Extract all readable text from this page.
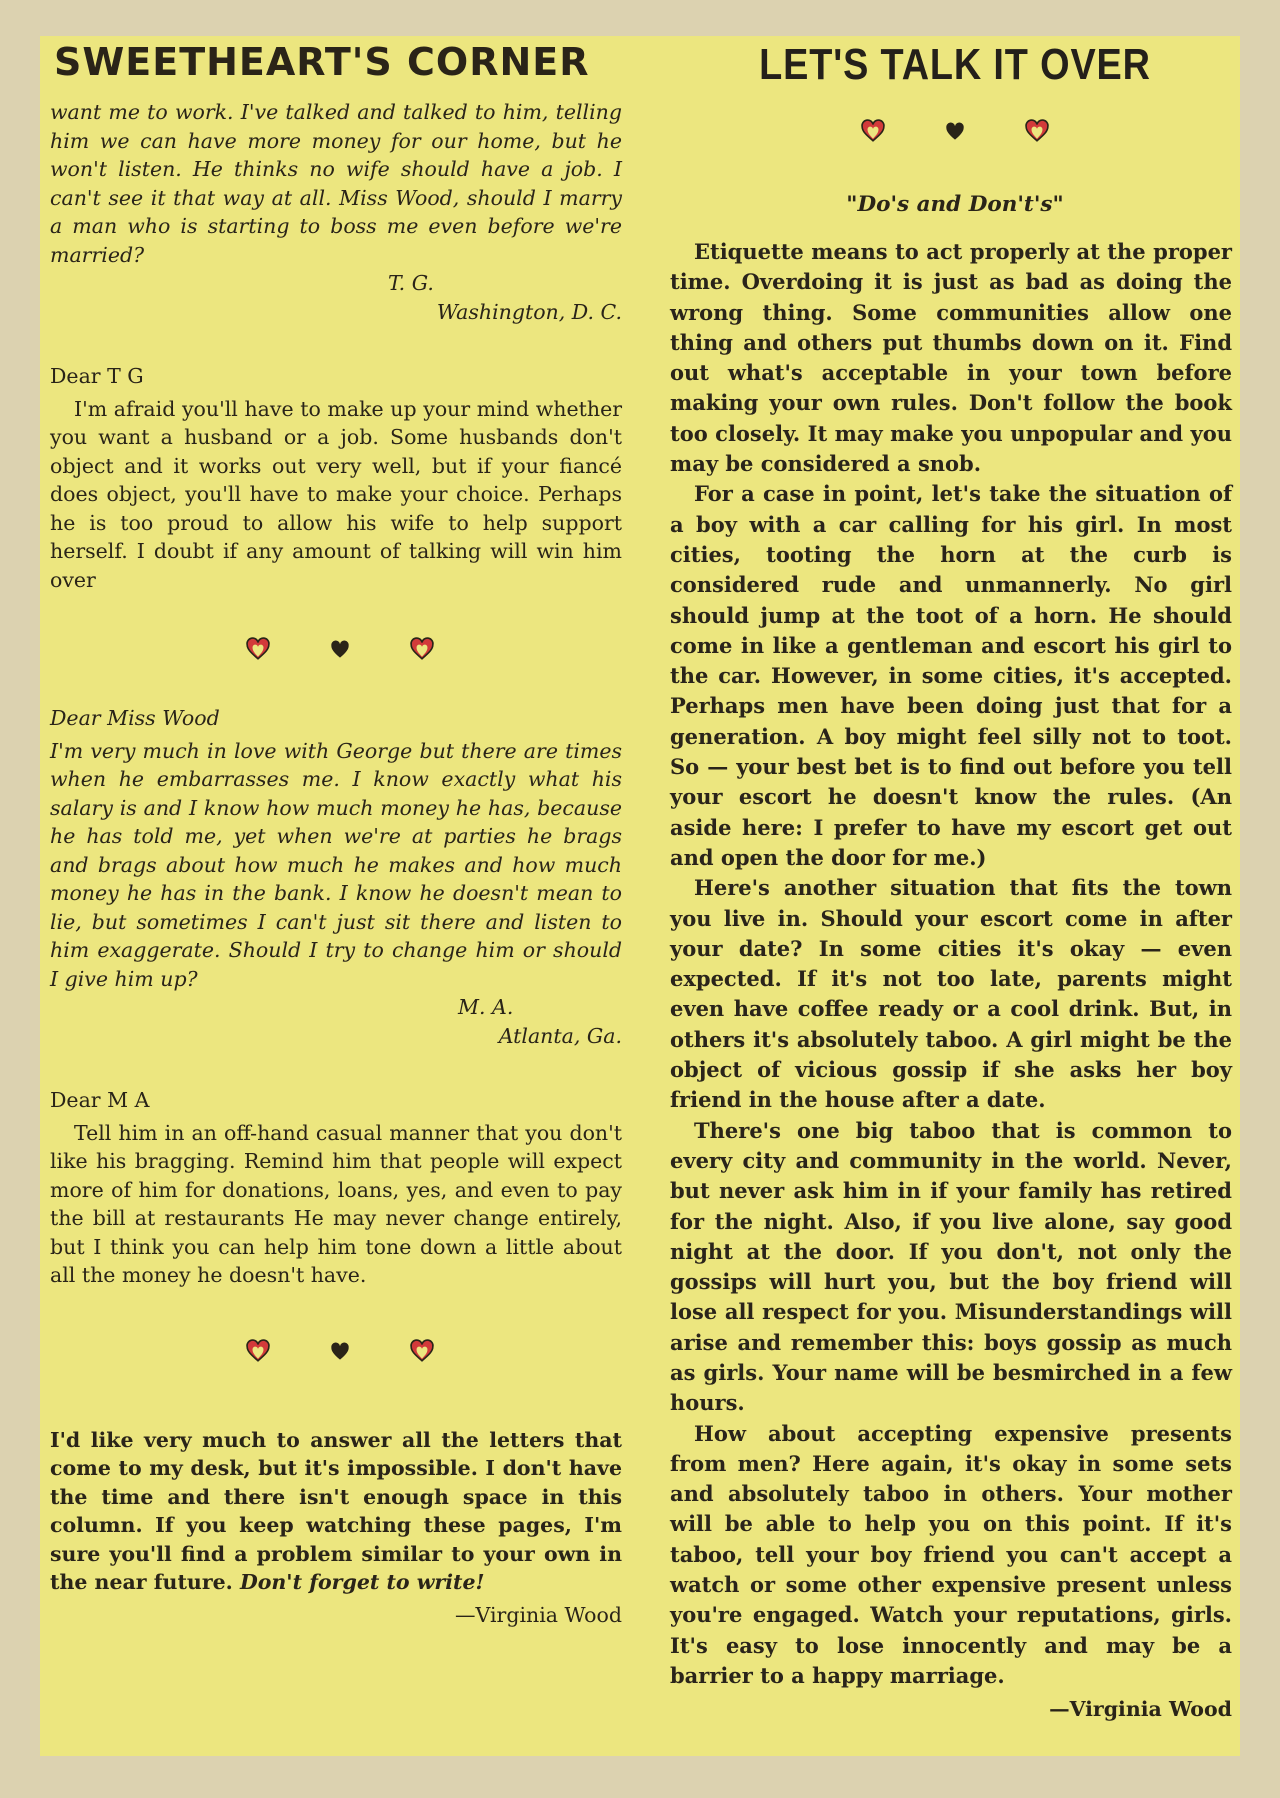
SWEETHEART'S CORNER

want me to work. I've talked and talked to him, telling him we can have more money for our home, but he won't listen. He thinks no wife should have a job. I can't see it that way at all. Miss Wood, should I marry a man who is starting to boss me even before we're married?

T. G.

Washington, D. C.

Dear T G

I'm afraid you'll have to make up your mind whether you want a husband or a job. Some husbands don't object and it works out very well, but if your fiancé does object, you'll have to make your choice. Perhaps he is too proud to allow his wife to help support herself. I doubt if any amount of talking will win him over

Dear Miss Wood

I'm very much in love with George but there are times when he embarrasses me. I know exactly what his salary is and I know how much money he has, because he has told me, yet when we're at parties he brags and brags about how much he makes and how much money he has in the bank. I know he doesn't mean to lie, but sometimes I can't just sit there and listen to him exaggerate. Should I try to change him or should I give him up?

M. A.

Atlanta, Ga.

Dear M A

Tell him in an off-hand casual manner that you don't like his bragging. Remind him that people will expect more of him for donations, loans, yes, and even to pay the bill at restaurants He may never change entirely, but I think you can help him tone down a little about all the money he doesn't have.

I'd like very much to answer all the letters that come to my desk, but it's impossible. I don't have the time and there isn't enough space in this column. If you keep watching these pages, I'm sure you'll find a problem similar to your own in the near future. Don't forget to write!

—Virginia Wood

LET'S TALK IT OVER
"Do's and Don't's"

Etiquette means to act properly at the proper time. Overdoing it is just as bad as doing the wrong thing. Some communities allow one thing and others put thumbs down on it. Find out what's acceptable in your town before making your own rules. Don't follow the book too closely. It may make you unpopular and you may be considered a snob.

For a case in point, let's take the situation of a boy with a car calling for his girl. In most cities, tooting the horn at the curb is considered rude and unmannerly. No girl should jump at the toot of a horn. He should come in like a gentleman and escort his girl to the car. However, in some cities, it's accepted. Perhaps men have been doing just that for a generation. A boy might feel silly not to toot. So — your best bet is to find out before you tell your escort he doesn't know the rules. (An aside here: I prefer to have my escort get out and open the door for me.)

Here's another situation that fits the town you live in. Should your escort come in after your date? In some cities it's okay — even expected. If it's not too late, parents might even have coffee ready or a cool drink. But, in others it's absolutely taboo. A girl might be the object of vicious gossip if she asks her boy friend in the house after a date.

There's one big taboo that is common to every city and community in the world. Never, but never ask him in if your family has retired for the night. Also, if you live alone, say good night at the door. If you don't, not only the gossips will hurt you, but the boy friend will lose all respect for you. Misunderstandings will arise and remember this: boys gossip as much as girls. Your name will be besmirched in a few hours.

How about accepting expensive presents from men? Here again, it's okay in some sets and absolutely taboo in others. Your mother will be able to help you on this point. If it's taboo, tell your boy friend you can't accept a watch or some other expensive present unless you're engaged. Watch your reputations, girls. It's easy to lose innocently and may be a barrier to a happy marriage.

—Virginia Wood
